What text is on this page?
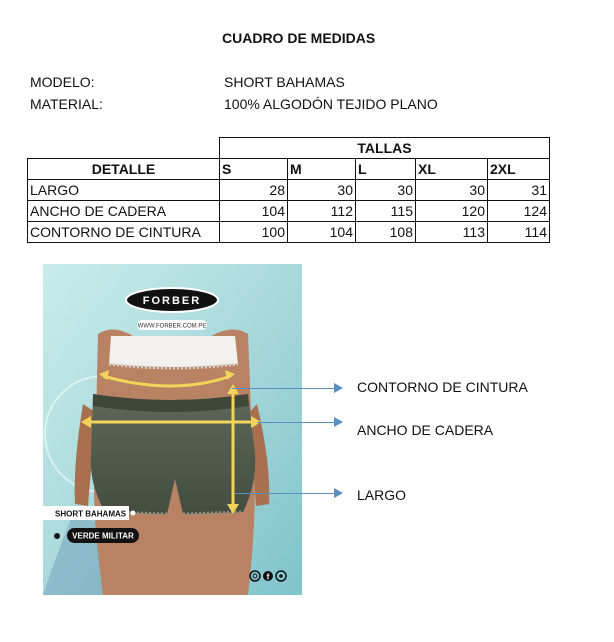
CUADRO DE MEDIDAS
MODELO:	SHORT BAHAMAS
MATERIAL:	100% ALGODÓN TEJIDO PLANO
	TALLAS				
DETALLE	S	M	L	XL	2XL
LARGO	28	30	30	30	31
ANCHO DE CADERA	104	112	115	120	124
CONTORNO DE CINTURA	100	104	108	113	114
FORBER
WWW.FORBER.COM.PE
SHORT BAHAMAS
VERDE MILITAR
f
CONTORNO DE CINTURA
ANCHO DE CADERA
LARGO
